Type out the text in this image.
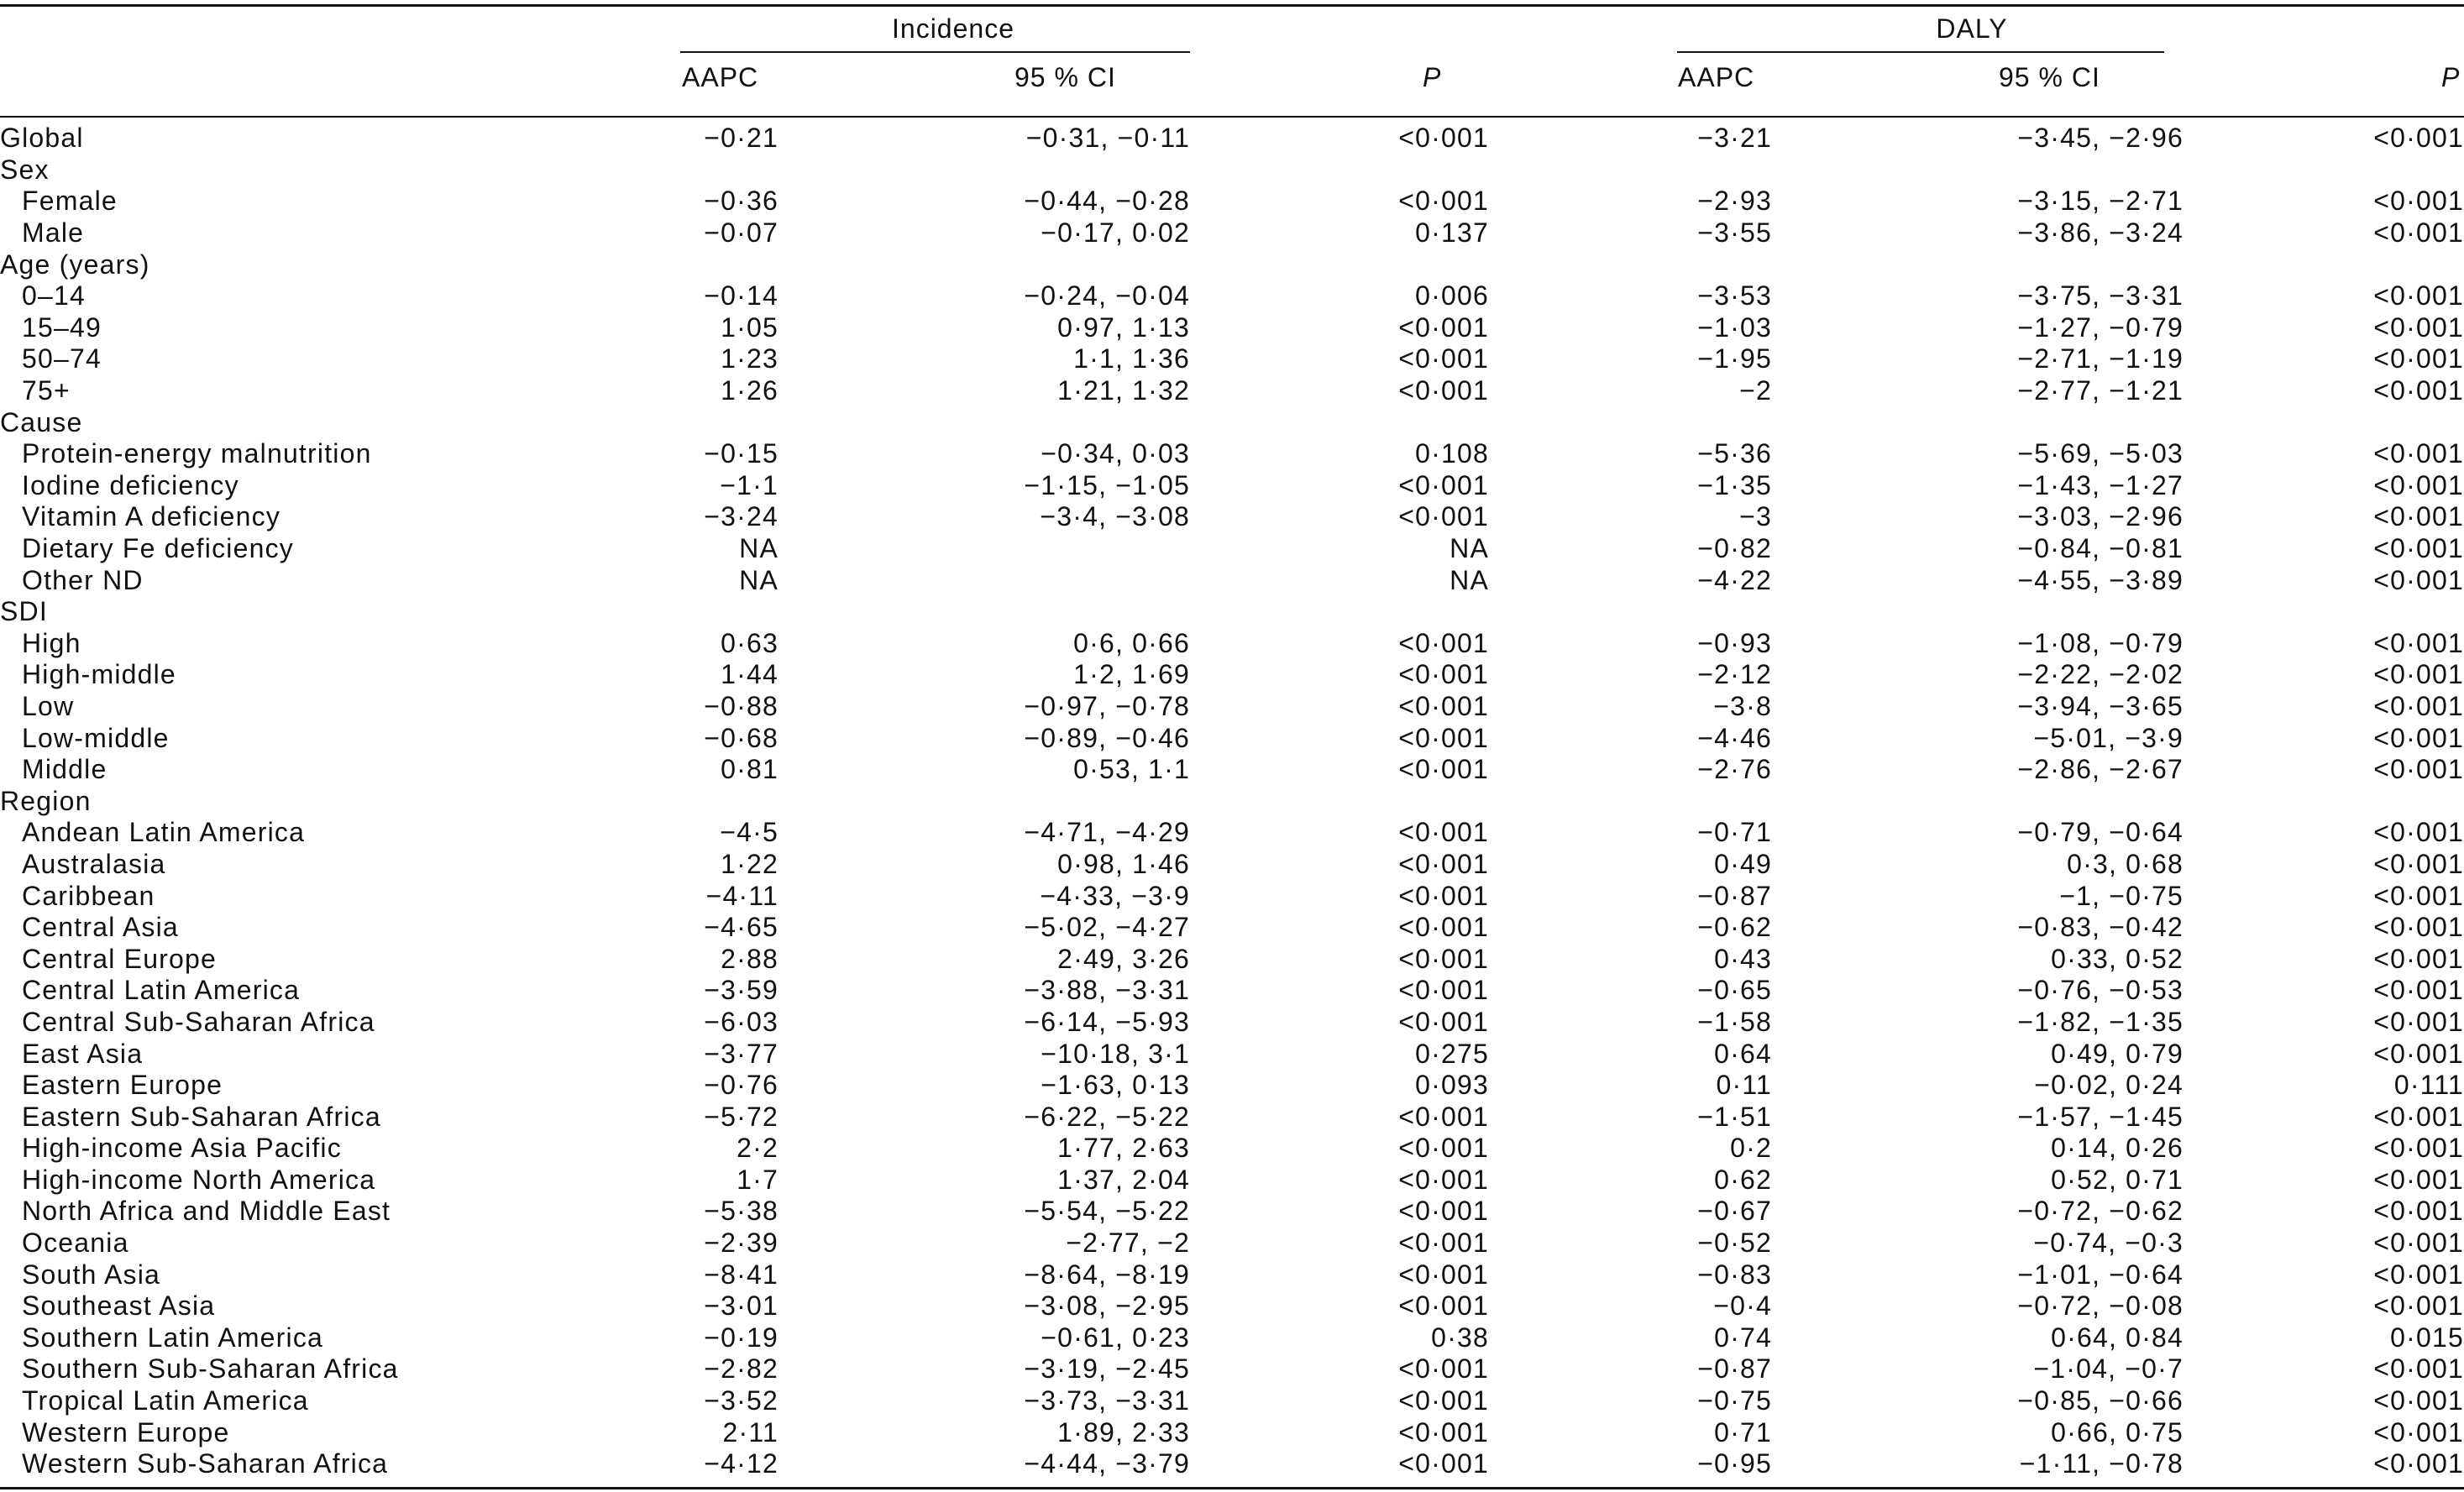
Incidence	DALY
AAPC	95 % CI	P	AAPC	95 % CI	P
Global	−0·21	−0·31, −0·11	<0·001	−3·21	−3·45, −2·96	<0·001
Sex						
Female	−0·36	−0·44, −0·28	<0·001	−2·93	−3·15, −2·71	<0·001
Male	−0·07	−0·17, 0·02	0·137	−3·55	−3·86, −3·24	<0·001
Age (years)						
0–14	−0·14	−0·24, −0·04	0·006	−3·53	−3·75, −3·31	<0·001
15–49	1·05	0·97, 1·13	<0·001	−1·03	−1·27, −0·79	<0·001
50–74	1·23	1·1, 1·36	<0·001	−1·95	−2·71, −1·19	<0·001
75+	1·26	1·21, 1·32	<0·001	−2	−2·77, −1·21	<0·001
Cause						
Protein-energy malnutrition	−0·15	−0·34, 0·03	0·108	−5·36	−5·69, −5·03	<0·001
Iodine deficiency	−1·1	−1·15, −1·05	<0·001	−1·35	−1·43, −1·27	<0·001
Vitamin A deficiency	−3·24	−3·4, −3·08	<0·001	−3	−3·03, −2·96	<0·001
Dietary Fe deficiency	NA		NA	−0·82	−0·84, −0·81	<0·001
Other ND	NA		NA	−4·22	−4·55, −3·89	<0·001
SDI						
High	0·63	0·6, 0·66	<0·001	−0·93	−1·08, −0·79	<0·001
High-middle	1·44	1·2, 1·69	<0·001	−2·12	−2·22, −2·02	<0·001
Low	−0·88	−0·97, −0·78	<0·001	−3·8	−3·94, −3·65	<0·001
Low-middle	−0·68	−0·89, −0·46	<0·001	−4·46	−5·01, −3·9	<0·001
Middle	0·81	0·53, 1·1	<0·001	−2·76	−2·86, −2·67	<0·001
Region						
Andean Latin America	−4·5	−4·71, −4·29	<0·001	−0·71	−0·79, −0·64	<0·001
Australasia	1·22	0·98, 1·46	<0·001	0·49	0·3, 0·68	<0·001
Caribbean	−4·11	−4·33, −3·9	<0·001	−0·87	−1, −0·75	<0·001
Central Asia	−4·65	−5·02, −4·27	<0·001	−0·62	−0·83, −0·42	<0·001
Central Europe	2·88	2·49, 3·26	<0·001	0·43	0·33, 0·52	<0·001
Central Latin America	−3·59	−3·88, −3·31	<0·001	−0·65	−0·76, −0·53	<0·001
Central Sub-Saharan Africa	−6·03	−6·14, −5·93	<0·001	−1·58	−1·82, −1·35	<0·001
East Asia	−3·77	−10·18, 3·1	0·275	0·64	0·49, 0·79	<0·001
Eastern Europe	−0·76	−1·63, 0·13	0·093	0·11	−0·02, 0·24	0·111
Eastern Sub-Saharan Africa	−5·72	−6·22, −5·22	<0·001	−1·51	−1·57, −1·45	<0·001
High-income Asia Pacific	2·2	1·77, 2·63	<0·001	0·2	0·14, 0·26	<0·001
High-income North America	1·7	1·37, 2·04	<0·001	0·62	0·52, 0·71	<0·001
North Africa and Middle East	−5·38	−5·54, −5·22	<0·001	−0·67	−0·72, −0·62	<0·001
Oceania	−2·39	−2·77, −2	<0·001	−0·52	−0·74, −0·3	<0·001
South Asia	−8·41	−8·64, −8·19	<0·001	−0·83	−1·01, −0·64	<0·001
Southeast Asia	−3·01	−3·08, −2·95	<0·001	−0·4	−0·72, −0·08	<0·001
Southern Latin America	−0·19	−0·61, 0·23	0·38	0·74	0·64, 0·84	0·015
Southern Sub-Saharan Africa	−2·82	−3·19, −2·45	<0·001	−0·87	−1·04, −0·7	<0·001
Tropical Latin America	−3·52	−3·73, −3·31	<0·001	−0·75	−0·85, −0·66	<0·001
Western Europe	2·11	1·89, 2·33	<0·001	0·71	0·66, 0·75	<0·001
Western Sub-Saharan Africa	−4·12	−4·44, −3·79	<0·001	−0·95	−1·11, −0·78	<0·001
